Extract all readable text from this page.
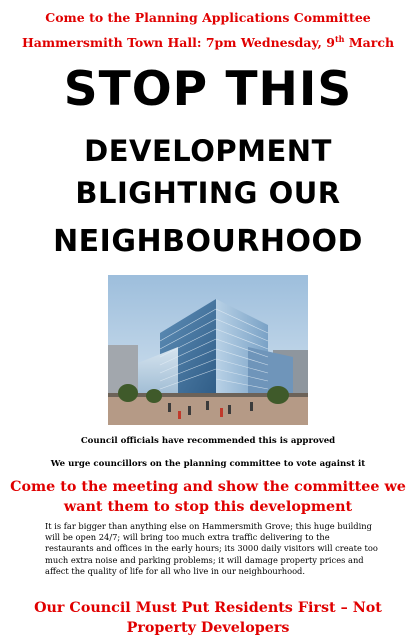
Come to the Planning Applications Committee
Hammersmith Town Hall: 7pm Wednesday, 9th March
STOP THIS
DEVELOPMENT
BLIGHTING OUR
NEIGHBOURHOOD
Council officials have recommended this is approved
We urge councillors on the planning committee to vote against it
Come to the meeting and show the committee we
want them to stop this development
It is far bigger than anything else on Hammersmith Grove; this huge building will be open 24/7; will bring too much extra traffic delivering to the restaurants and offices in the early hours; its 3000 daily visitors will create too much extra noise and parking problems; it will damage property prices and affect the quality of life for all who live in our neighbourhood.
Our Council Must Put Residents First – Not
Property Developers
